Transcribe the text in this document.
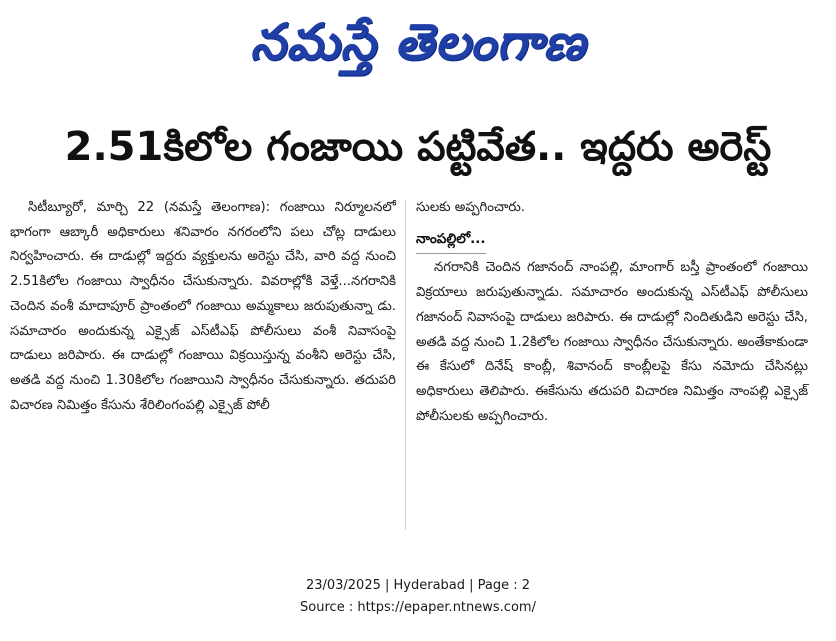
నమస్తే తెలంగాణ
2.51కిలోల గంజాయి పట్టివేత.. ఇద్దరు అరెస్ట్

సిటీబ్యూరో, మార్చి 22 (నమస్తే తెలంగాణ): గంజాయి నిర్మూలనలో భాగంగా ఆబ్కారీ అధికారులు శనివారం నగరంలోని పలు చోట్ల దాడులు నిర్వహించారు. ఈ దాడుల్లో ఇద్దరు వ్యక్తులను అరెస్టు చేసి, వారి వద్ద నుంచి 2.51కిలోల గంజాయి స్వాధీనం చేసుకున్నారు. వివరాల్లోకి వెళ్తే...నగరానికి చెందిన వంశీ మాదాపూర్ ప్రాంతంలో గంజాయి అమ్మకాలు జరుపుతున్నా డు. సమాచారం అందుకున్న ఎక్సైజ్ ఎస్‌టీఎఫ్ పోలీసులు వంశీ నివాసంపై దాడులు జరిపారు. ఈ దాడుల్లో గంజాయి విక్రయిస్తున్న వంశీని అరెస్టు చేసి, అతడి వద్ద నుంచి 1.30కిలోల గంజాయిని స్వాధీనం చేసుకున్నారు. తదుపరి విచారణ నిమిత్తం కేసును శేరిలింగంపల్లి ఎక్సైజ్ పోలీ

సులకు అప్పగించారు.

నాంపల్లిలో...

నగరానికి చెందిన గజానంద్ నాంపల్లి, మాంగార్ బస్తీ ప్రాంతంలో గంజాయి విక్రయాలు జరుపుతున్నాడు. సమాచారం అందుకున్న ఎస్‌టీఎఫ్ పోలీసులు గజానంద్ నివాసంపై దాడులు జరిపారు. ఈ దాడుల్లో నిందితుడిని అరెస్టు చేసి, అతడి వద్ద నుంచి 1.2కిలోల గంజాయి స్వాధీనం చేసుకున్నారు. అంతేకాకుండా ఈ కేసులో దినేష్ కాంబ్లీ, శివానంద్ కాంబ్లీలపై కేసు నమోదు చేసినట్లు అధికారులు తెలిపారు. ఈకేసును తదుపరి విచారణ నిమిత్తం నాంపల్లి ఎక్సైజ్ పోలీసులకు అప్పగించారు.

23/03/2025 | Hyderabad | Page : 2
Source : https://epaper.ntnews.com/
